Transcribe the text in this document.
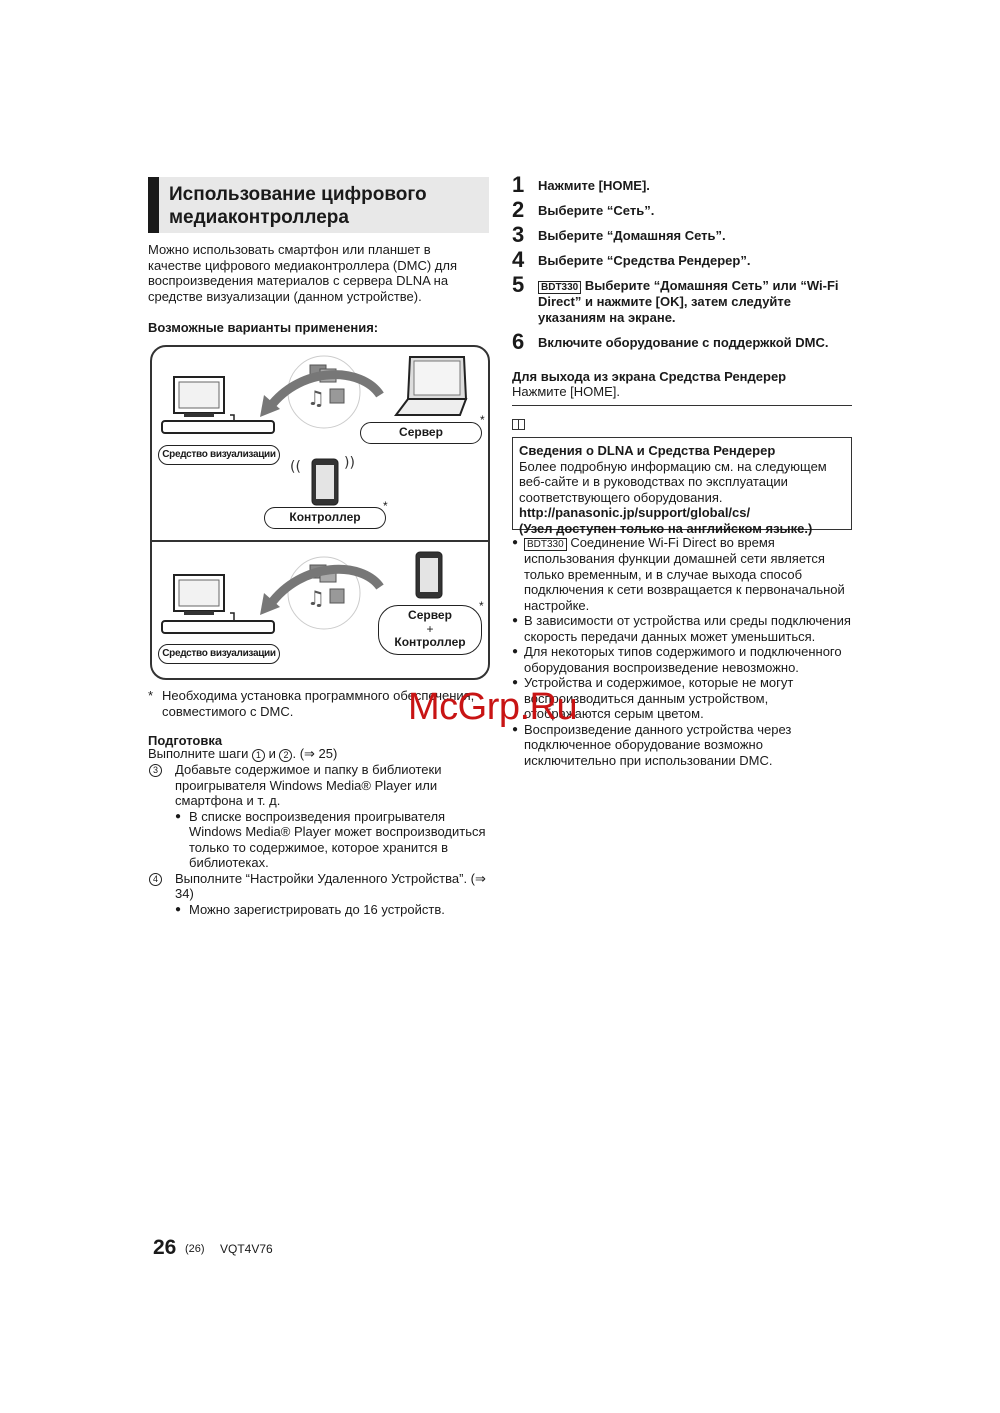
Использование цифрового
медиаконтроллера
Можно использовать смартфон или планшет в качестве цифрового медиаконтроллера (DMC) для воспроизведения материалов с сервера DLNA на средстве визуализации (данном устройстве).
Возможные варианты применения:
♫
((	))
♫
Средство визуализации
Сервер
*
Контроллер
*
Средство визуализации
Сервер
+
Контроллер
*
* Необходима установка программного обеспечения, совместимого с DMC.
Подготовка
Выполните шаги 1 и 2 . (⇒ 25)
3	Добавьте содержимое и папку в библиотеки проигрывателя Windows Media® Player или смартфона и т. д.
● В списке воспроизведения проигрывателя Windows Media® Player может воспроизводиться только то содержимое, которое хранится в библиотеках.
4	Выполните “Настройки Удаленного Устройства”. (⇒ 34)
● Можно зарегистрировать до 16 устройств.
1 Нажмите [HOME].
2 Выберите “Сеть”.
3 Выберите “Домашняя Сеть”.
4 Выберите “Средства Рендерер”.
5	BDT330 Выберите “Домашняя Сеть” или “Wi-Fi Direct” и нажмите [OK], затем следуйте указаниям на экране.
6 Включите оборудование с поддержкой DMC.
Для выхода из экрана Средства Рендерер
Нажмите [HOME].
Сведения о DLNA и Средства Рендерер
Более подробную информацию см. на следующем веб-сайте и в руководствах по эксплуатации соответствующего оборудования.
http://panasonic.jp/support/global/cs/
(Узел доступен только на английском языке.)
● BDT330 Соединение Wi-Fi Direct во время использования функции домашней сети является только временным, и в случае выхода способ подключения к сети возвращается к первоначальной настройке.
● В зависимости от устройства или среды подключения скорость передачи данных может уменьшиться.
● Для некоторых типов содержимого и подключенного оборудования воспроизведение невозможно.
● Устройства и содержимое, которые не могут воспроизводиться данным устройством, отображаются серым цветом.
● Воспроизведение данного устройства через подключенное оборудование возможно исключительно при использовании DMC.
McGrp.Ru
26 (26) VQT4V76
